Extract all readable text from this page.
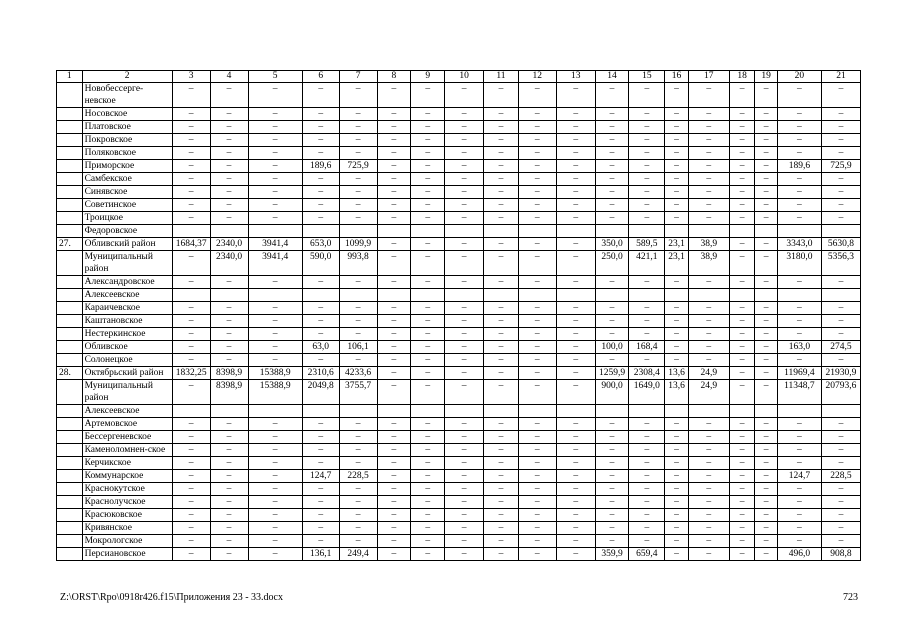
1	2	3	4	5	6	7	8	9	10	11	12	13	14	15	16	17	18	19	20	21
	Новобессерге-невское	–	–	–	–	–	–	–	–	–	–	–	–	–	–	–	–	–	–	–
	Носовское	–	–	–	–	–	–	–	–	–	–	–	–	–	–	–	–	–	–	–
	Платовское	–	–	–	–	–	–	–	–	–	–	–	–	–	–	–	–	–	–	–
	Покровское	–	–	–	–	–	–	–	–	–	–	–	–	–	–	–	–	–	–	–
	Поляковское	–	–	–	–	–	–	–	–	–	–	–	–	–	–	–	–	–	–	–
	Приморское	–	–	–	189,6	725,9	–	–	–	–	–	–	–	–	–	–	–	–	189,6	725,9
	Самбекское	–	–	–	–	–	–	–	–	–	–	–	–	–	–	–	–	–	–	–
	Синявское	–	–	–	–	–	–	–	–	–	–	–	–	–	–	–	–	–	–	–
	Советинское	–	–	–	–	–	–	–	–	–	–	–	–	–	–	–	–	–	–	–
	Троицкое	–	–	–	–	–	–	–	–	–	–	–	–	–	–	–	–	–	–	–
	Федоровское																			
27.	Обливский район	1684,37	2340,0	3941,4	653,0	1099,9	–	–	–	–	–	–	350,0	589,5	23,1	38,9	–	–	3343,0	5630,8
	Муниципальный район	–	2340,0	3941,4	590,0	993,8	–	–	–	–	–	–	250,0	421,1	23,1	38,9	–	–	3180,0	5356,3
	Александровское	–	–	–	–	–	–	–	–	–	–	–	–	–	–	–	–	–	–	–
	Алексеевское																			
	Караичевское	–	–	–	–	–	–	–	–	–	–	–	–	–	–	–	–	–	–	–
	Каштановское	–	–	–	–	–	–	–	–	–	–	–	–	–	–	–	–	–	–	–
	Нестеркинское	–	–	–	–	–	–	–	–	–	–	–	–	–	–	–	–	–	–	–
	Обливское	–	–	–	63,0	106,1	–	–	–	–	–	–	100,0	168,4	–	–	–	–	163,0	274,5
	Солонецкое	–	–	–	–	–	–	–	–	–	–	–	–	–	–	–	–	–	–	–
28.	Октябрьский район	1832,25	8398,9	15388,9	2310,6	4233,6	–	–	–	–	–	–	1259,9	2308,4	13,6	24,9	–	–	11969,4	21930,9
	Муниципальный район	–	8398,9	15388,9	2049,8	3755,7	–	–	–	–	–	–	900,0	1649,0	13,6	24,9	–	–	11348,7	20793,6
	Алексеевское																			
	Артемовское	–	–	–	–	–	–	–	–	–	–	–	–	–	–	–	–	–	–	–
	Бессергеневское	–	–	–	–	–	–	–	–	–	–	–	–	–	–	–	–	–	–	–
	Каменоломнен-ское	–	–	–	–	–	–	–	–	–	–	–	–	–	–	–	–	–	–	–
	Керчикское	–	–	–	–	–	–	–	–	–	–	–	–	–	–	–	–	–	–	–
	Коммунарское	–	–	–	124,7	228,5	–	–	–	–	–	–	–	–	–	–	–	–	124,7	228,5
	Краснокутское	–	–	–	–	–	–	–	–	–	–	–	–	–	–	–	–	–	–	–
	Краснолучское	–	–	–	–	–	–	–	–	–	–	–	–	–	–	–	–	–	–	–
	Красюковское	–	–	–	–	–	–	–	–	–	–	–	–	–	–	–	–	–	–	–
	Кривянское	–	–	–	–	–	–	–	–	–	–	–	–	–	–	–	–	–	–	–
	Мокрологское	–	–	–	–	–	–	–	–	–	–	–	–	–	–	–	–	–	–	–
	Персиановское	–	–	–	136,1	249,4	–	–	–	–	–	–	359,9	659,4	–	–	–	–	496,0	908,8
Z:\ORST\Rpo\0918r426.f15\Приложения 23 - 33.docx	723
